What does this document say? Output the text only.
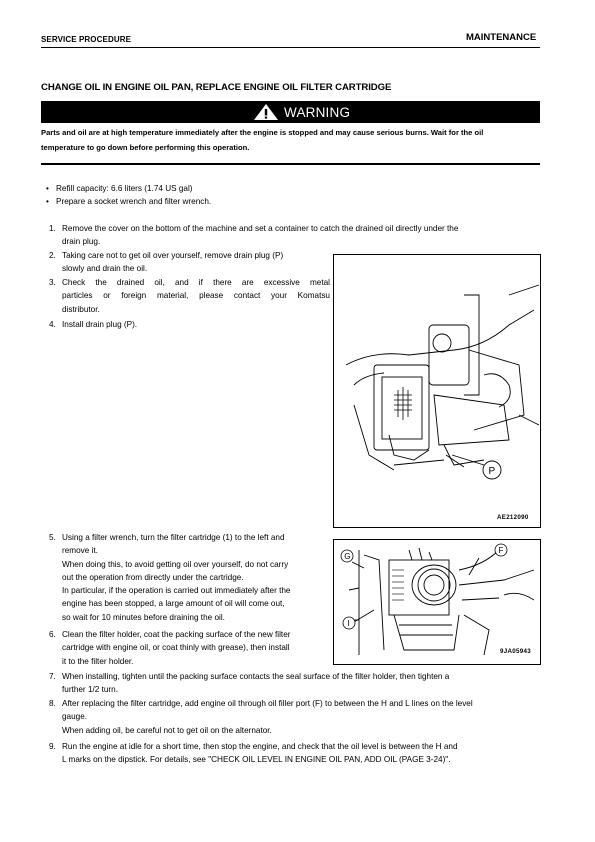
SERVICE PROCEDURE	MAINTENANCE
CHANGE OIL IN ENGINE OIL PAN, REPLACE ENGINE OIL FILTER CARTRIDGE
WARNING
Parts and oil are at high temperature immediately after the engine is stopped and may cause serious burns. Wait for the oil
temperature to go down before performing this operation.
• Refill capacity: 6.6 liters (1.74 US gal)
• Prepare a socket wrench and filter wrench.
1. Remove the cover on the bottom of the machine and set a container to catch the drained oil directly under the
drain plug.
2. Taking care not to get oil over yourself, remove drain plug (P)
slowly and drain the oil.
3. Check the drained oil, and if there are excessive metal
particles or foreign material, please contact your Komatsu
distributor.
4. Install drain plug (P).
P
AE212090
5. Using a filter wrench, turn the filter cartridge (1) to the left and
remove it.
When doing this, to avoid getting oil over yourself, do not carry
out the operation from directly under the cartridge.
In particular, if the operation is carried out immediately after the
engine has been stopped, a large amount of oil will come out,
so wait for 10 minutes before draining the oil.
6. Clean the filter holder, coat the packing surface of the new filter
cartridge with engine oil, or coat thinly with grease), then install
it to the filter holder.
7. When installing, tighten until the packing surface contacts the seal surface of the filter holder, then tighten a
further 1/2 turn.
8. After replacing the filter cartridge, add engine oil through oil filler port (F) to between the H and L lines on the level
gauge.
When adding oil, be careful not to get oil on the alternator.
9. Run the engine at idle for a short time, then stop the engine, and check that the oil level is between the H and
L marks on the dipstick. For details, see "CHECK OIL LEVEL IN ENGINE OIL PAN, ADD OIL (PAGE 3-24)".
G
F
I
9JA05943
